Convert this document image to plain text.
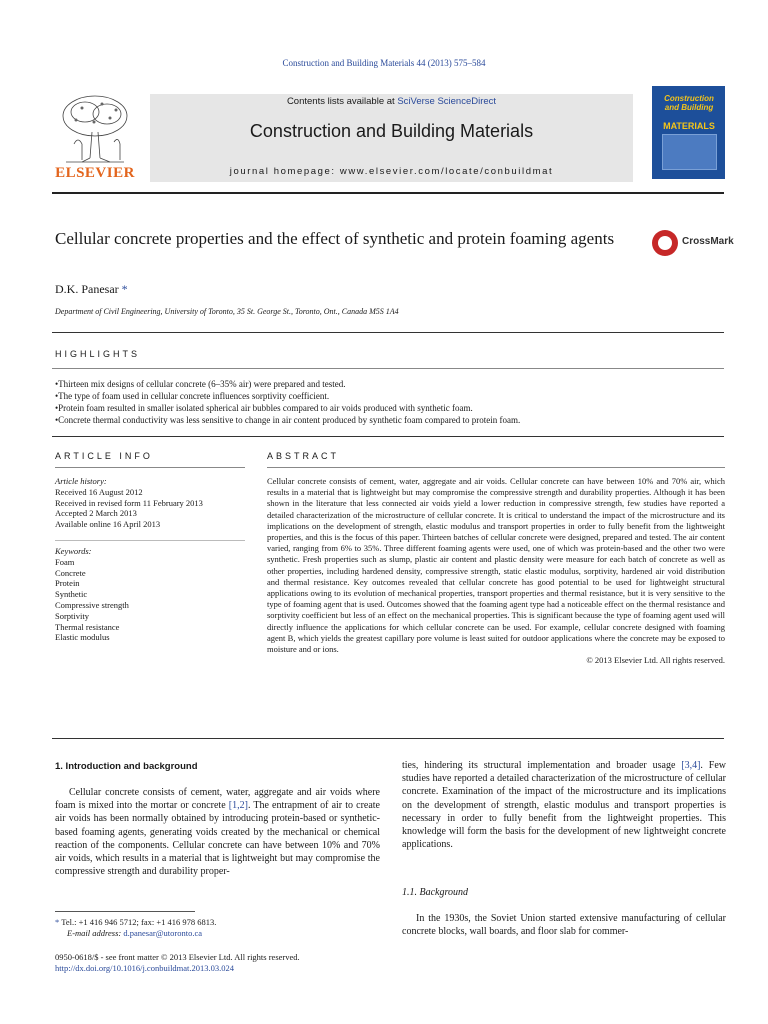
Construction and Building Materials 44 (2013) 575–584
ELSEVIER
Contents lists available at SciVerse ScienceDirect
Construction and Building Materials
journal homepage: www.elsevier.com/locate/conbuildmat
Construction and Building
MATERIALS
Cellular concrete properties and the effect of synthetic and protein foaming agents	CrossMark
D.K. Panesar *
Department of Civil Engineering, University of Toronto, 35 St. George St., Toronto, Ont., Canada M5S 1A4
HIGHLIGHTS
• Thirteen mix designs of cellular concrete (6–35% air) were prepared and tested.
• The type of foam used in cellular concrete influences sorptivity coefficient.
• Protein foam resulted in smaller isolated spherical air bubbles compared to air voids produced with synthetic foam.
• Concrete thermal conductivity was less sensitive to change in air content produced by synthetic foam compared to protein foam.
ARTICLE INFO	ABSTRACT
Article history:
Received 16 August 2012
Received in revised form 11 February 2013
Accepted 2 March 2013
Available online 16 April 2013
Keywords:
Foam
Concrete
Protein
Synthetic
Compressive strength
Sorptivity
Thermal resistance
Elastic modulus
Cellular concrete consists of cement, water, aggregate and air voids. Cellular concrete can have between 10% and 70% air, which results in a material that is lightweight but may compromise the compressive strength and durability properties. Although it has been shown in the literature that less connected air voids yield a lower reduction in compressive strength, few studies have reported a detailed characterization of the microstructure of cellular concrete. It is critical to understand the impact of the microstructure and its implications on the development of strength, elastic modulus and transport properties in order to fully benefit from the lightweight properties, and this is the focus of this paper. Thirteen batches of cellular concrete were designed, prepared and tested. The air content varied, ranging from 6% to 35%. Three different foaming agents were used, one of which was protein-based and the other two were synthetic. Fresh properties such as slump, plastic air content and plastic density were measure for each batch of concrete as well as other properties, including hardened density, compressive strength, static elastic modulus, sorptivity, hardened air void distribution and thermal resistance. Key outcomes revealed that cellular concrete has good potential to be used for lightweight structural applications owing to its evolution of mechanical properties, transport properties and thermal resistance, but it is very sensitive to the type of foaming agent that is used. Outcomes showed that the foaming agent type had a noticeable effect on the thermal resistance and sorptivity coefficient but less of an effect on the mechanical properties. This is significant because the type of foaming agent used will directly influence the applications for which cellular concrete can be used. For example, cellular concrete designed with foaming agent B, which yields the greatest capillary pore volume is least suited for outdoor applications where the concrete may be exposed to moisture and or ions.
© 2013 Elsevier Ltd. All rights reserved.
1. Introduction and background
Cellular concrete consists of cement, water, aggregate and air voids where foam is mixed into the mortar or concrete [1,2]. The entrapment of air to create air voids has been normally obtained by introducing protein-based or synthetic-based foaming agents, generating voids created by the mechanical or chemical reaction of the components. Cellular concrete can have between 10% and 70% air voids, which results in a material that is lightweight but may compromise the compressive strength and durability proper-
ties, hindering its structural implementation and broader usage [3,4]. Few studies have reported a detailed characterization of the microstructure of cellular concrete. Examination of the impact of the microstructure and its implications on the development of strength, elastic modulus and transport properties is necessary in order to fully benefit from the lightweight properties. This knowledge will form the basis for the development of new lightweight concrete applications.
1.1. Background
In the 1930s, the Soviet Union started extensive manufacturing of cellular concrete blocks, wall boards, and floor slab for commer-
* Tel.: +1 416 946 5712; fax: +1 416 978 6813.
E-mail address: d.panesar@utoronto.ca
0950-0618/$ - see front matter © 2013 Elsevier Ltd. All rights reserved.
http://dx.doi.org/10.1016/j.conbuildmat.2013.03.024
